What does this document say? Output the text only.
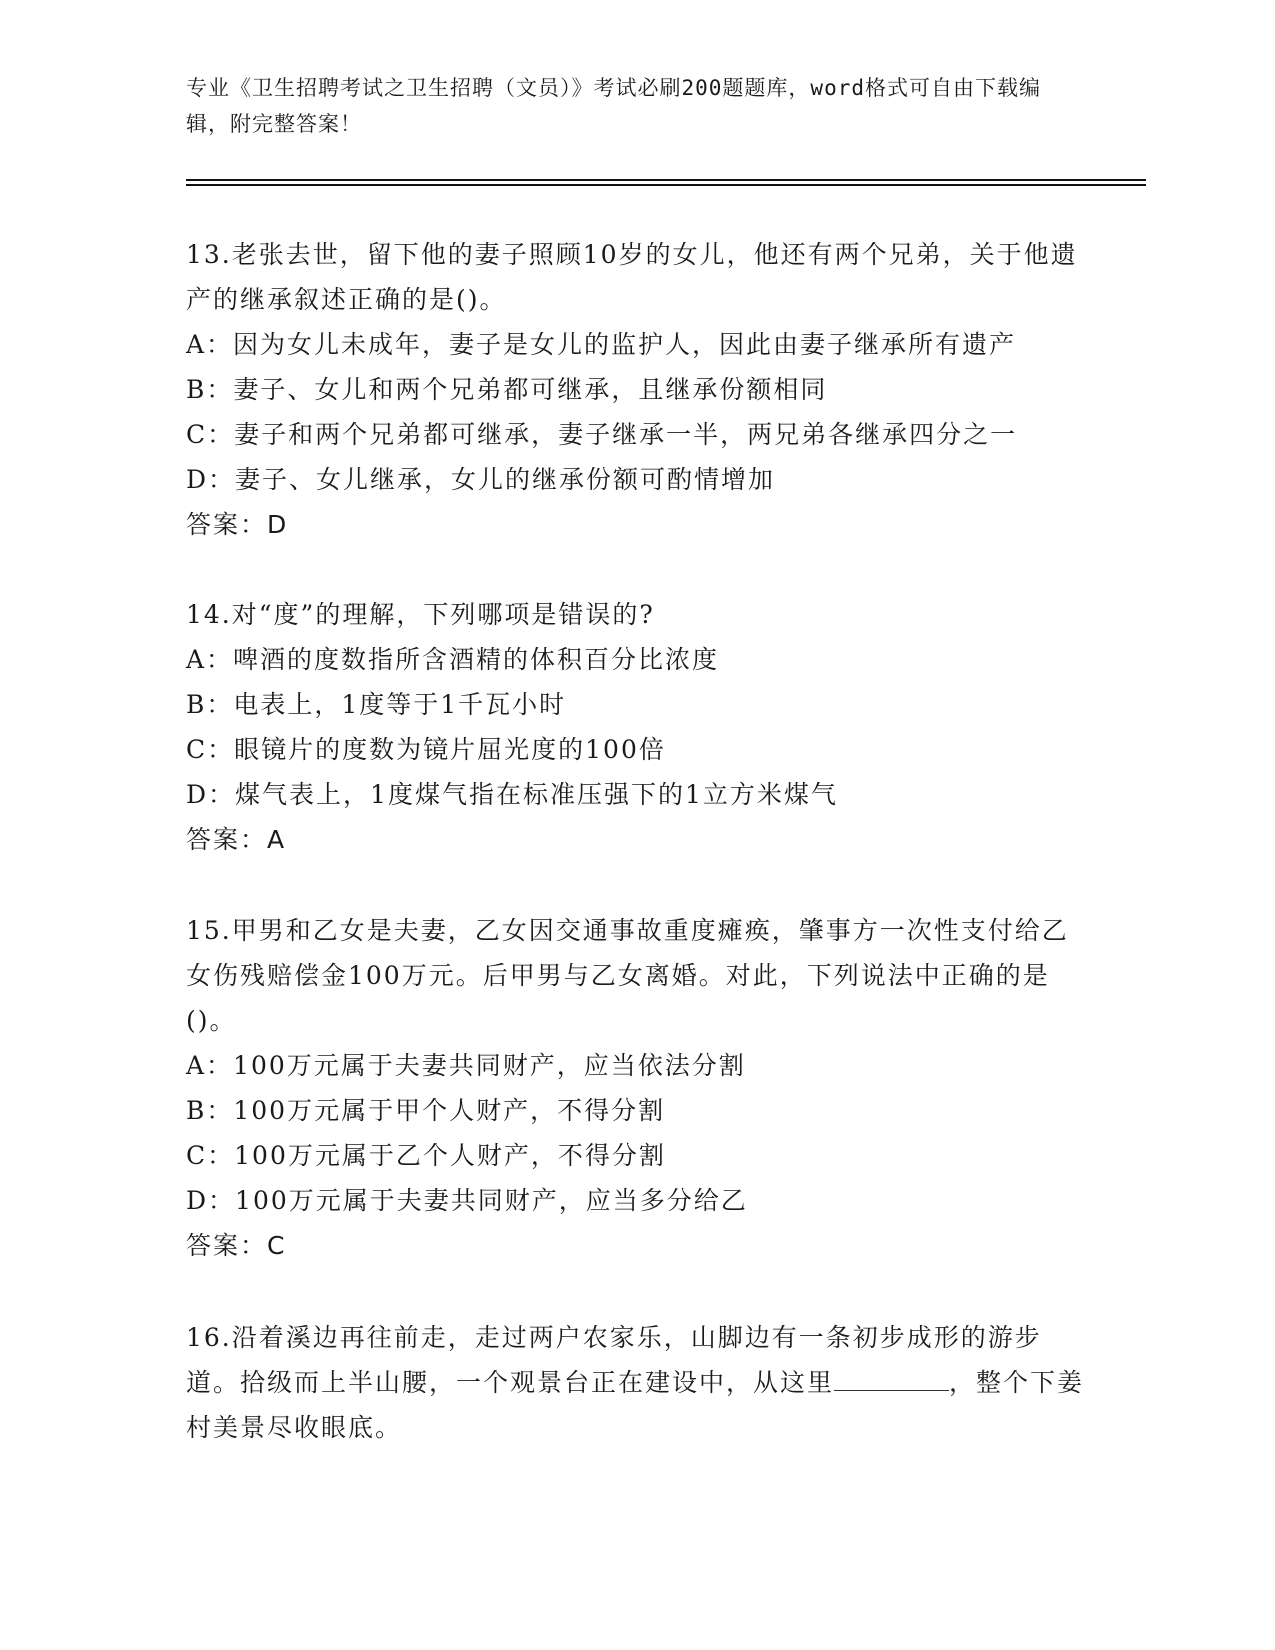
专业《卫生招聘考试之卫生招聘（文员）》考试必刷200题题库，word格式可自由下载编辑，附完整答案！
13.老张去世，留下他的妻子照顾10岁的女儿，他还有两个兄弟，关于他遗产的继承叙述正确的是()。
A：因为女儿未成年，妻子是女儿的监护人，因此由妻子继承所有遗产
B：妻子、女儿和两个兄弟都可继承，且继承份额相同
C：妻子和两个兄弟都可继承，妻子继承一半，两兄弟各继承四分之一
D：妻子、女儿继承，女儿的继承份额可酌情增加
答案：D
14.对“度”的理解，下列哪项是错误的?
A：啤酒的度数指所含酒精的体积百分比浓度
B：电表上，1度等于1千瓦小时
C：眼镜片的度数为镜片屈光度的100倍
D：煤气表上，1度煤气指在标准压强下的1立方米煤气
答案：A
15.甲男和乙女是夫妻，乙女因交通事故重度瘫痪，肇事方一次性支付给乙女伤残赔偿金100万元。后甲男与乙女离婚。对此，下列说法中正确的是()。
A：100万元属于夫妻共同财产，应当依法分割
B：100万元属于甲个人财产，不得分割
C：100万元属于乙个人财产，不得分割
D：100万元属于夫妻共同财产，应当多分给乙
答案：C
16.沿着溪边再往前走，走过两户农家乐，山脚边有一条初步成形的游步道。拾级而上半山腰，一个观景台正在建设中，从这里	，整个下姜村美景尽收眼底。
